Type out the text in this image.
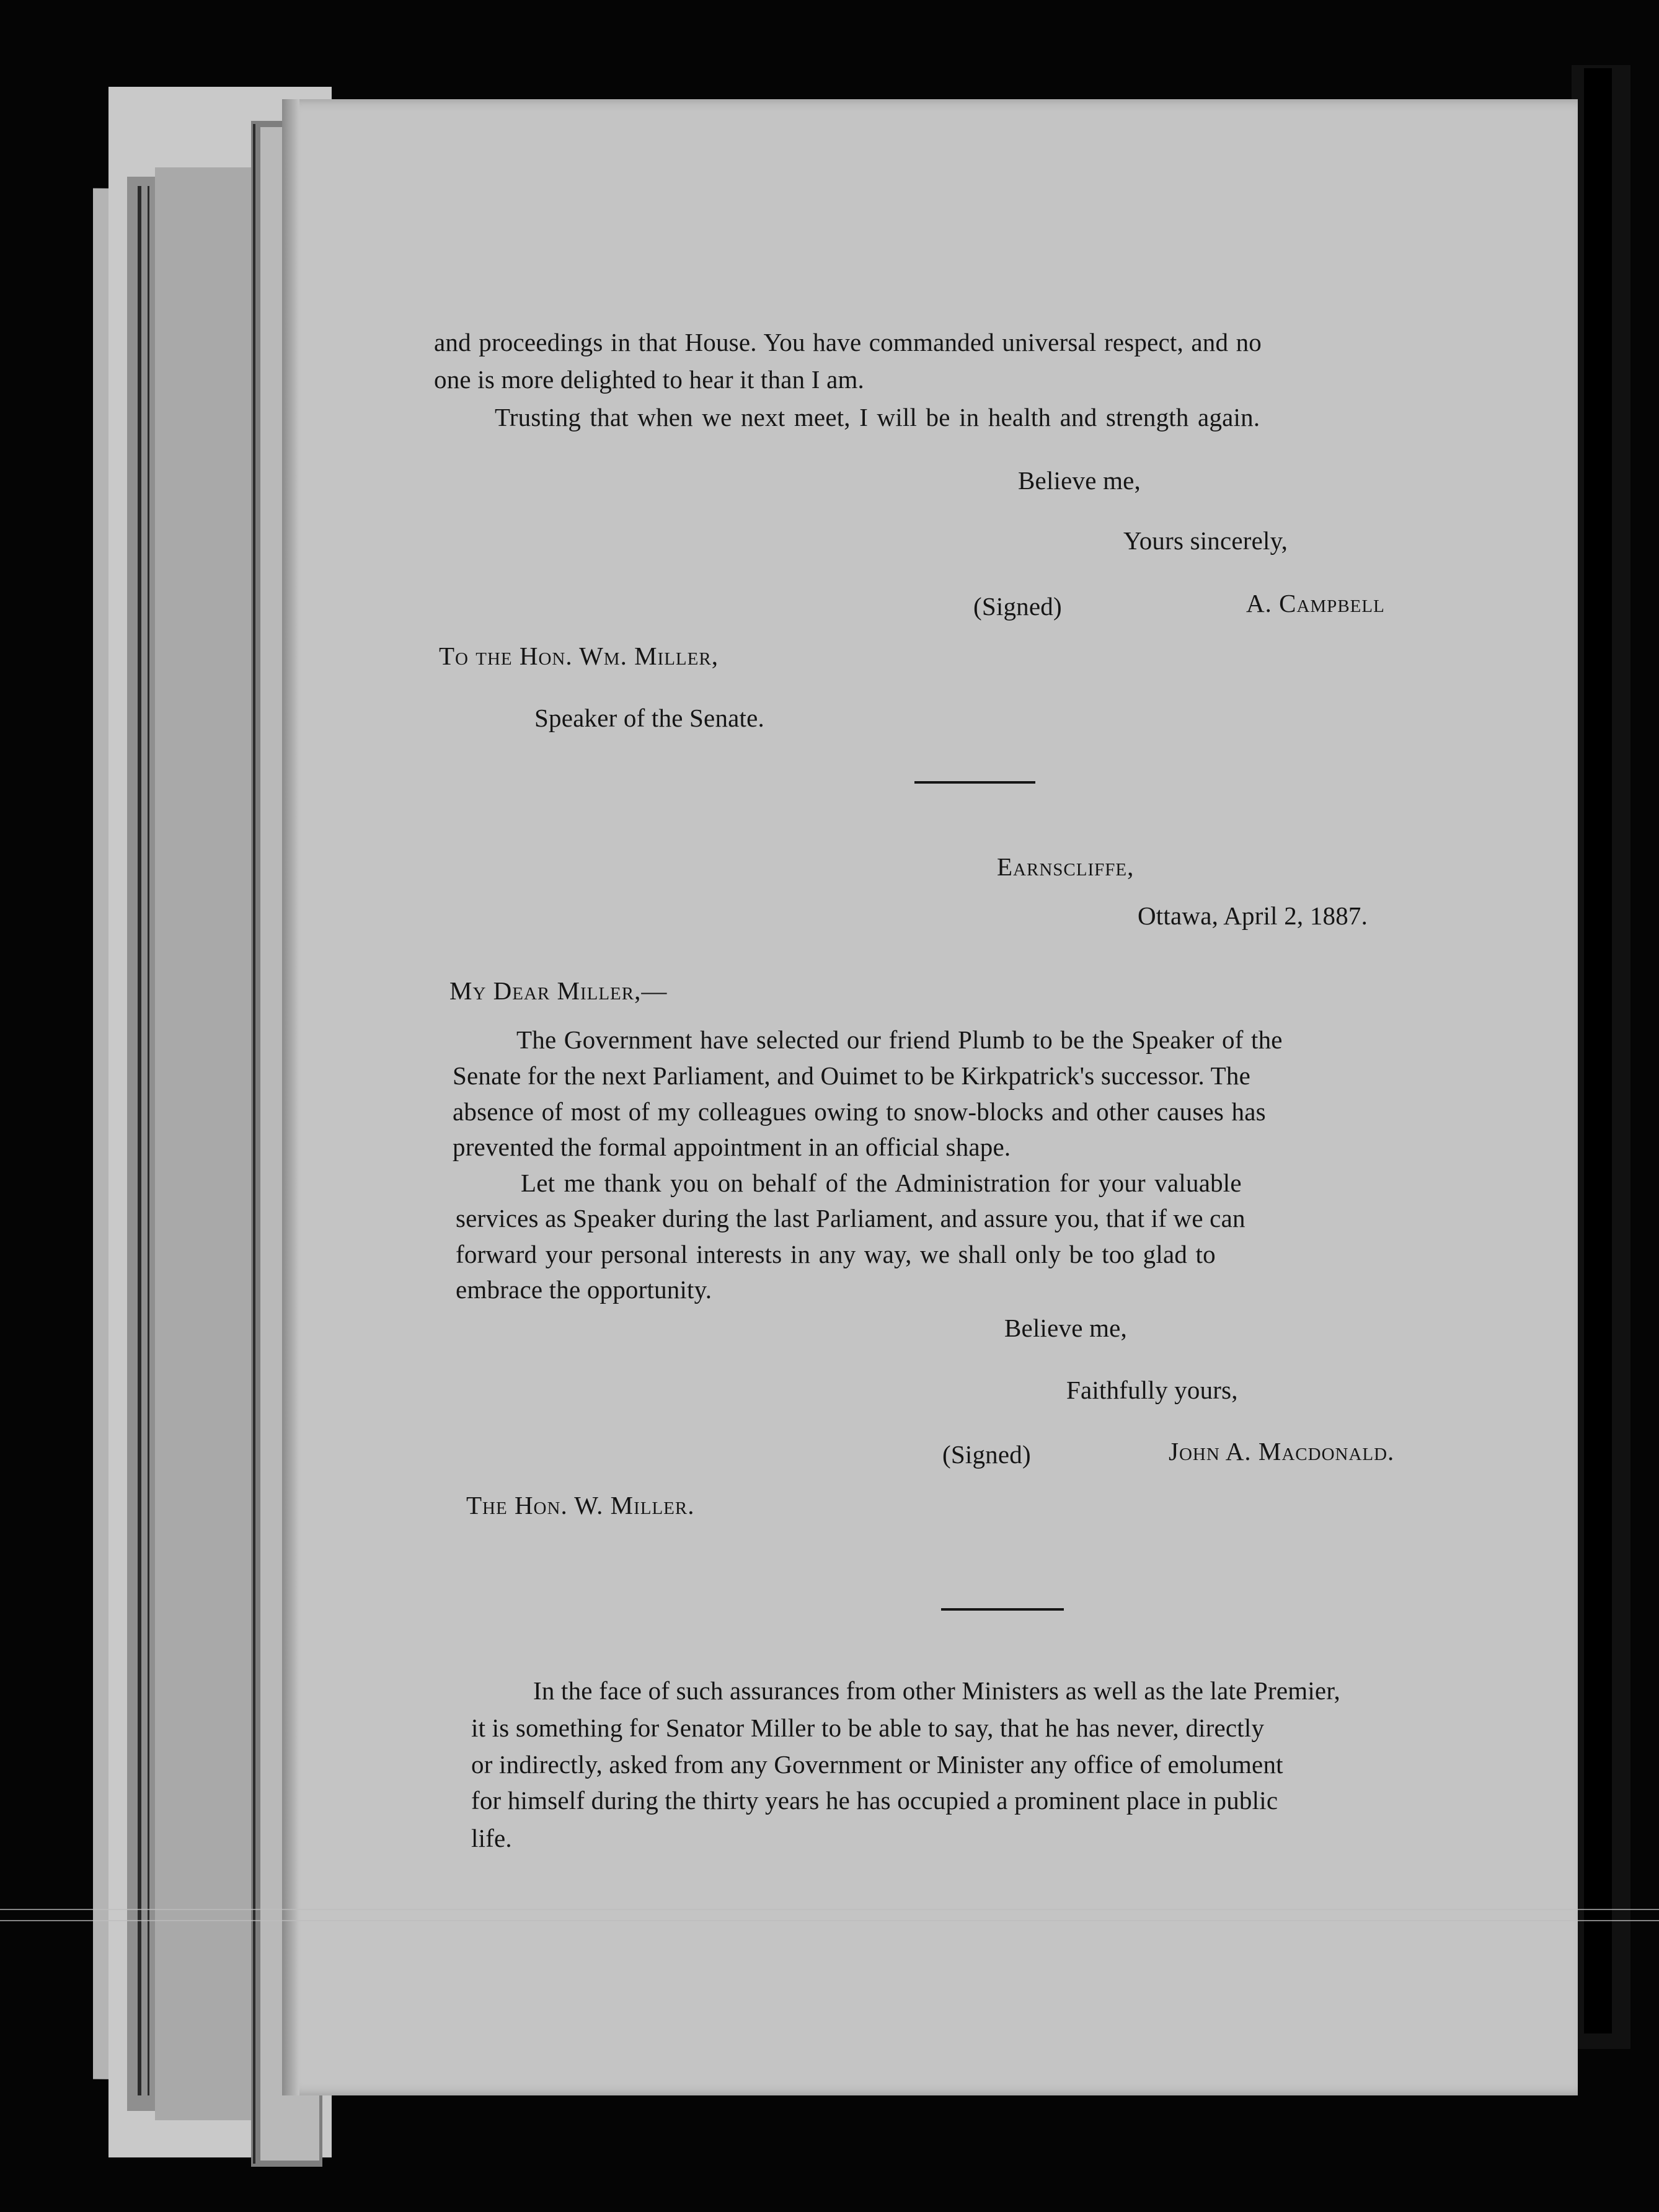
and proceedings in that House. You have commanded universal respect, and no
one is more delighted to hear it than I am.
Trusting that when we next meet, I will be in health and strength again.
Believe me,
Yours sincerely,
(Signed)	A. Campbell
To the Hon. Wm. Miller,
Speaker of the Senate.
Earnscliffe,
Ottawa, April 2, 1887.
My Dear Miller,—
The Government have selected our friend Plumb to be the Speaker of the
Senate for the next Parliament, and Ouimet to be Kirkpatrick's successor. The
absence of most of my colleagues owing to snow-blocks and other causes has
prevented the formal appointment in an official shape.
Let me thank you on behalf of the Administration for your valuable
services as Speaker during the last Parliament, and assure you, that if we can
forward your personal interests in any way, we shall only be too glad to
embrace the opportunity.
Believe me,
Faithfully yours,
(Signed)	John A. Macdonald.
The Hon. W. Miller.
In the face of such assurances from other Ministers as well as the late Premier,
it is something for Senator Miller to be able to say, that he has never, directly
or indirectly, asked from any Government or Minister any office of emolument
for himself during the thirty years he has occupied a prominent place in public
life.
